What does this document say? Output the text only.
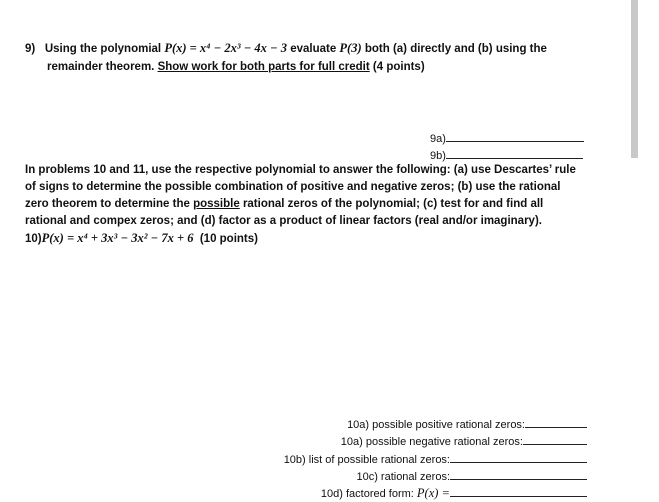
9) Using the polynomial P(x) = x⁴ − 2x³ − 4x − 3 evaluate P(3) both (a) directly and (b) using the
remainder theorem. Show work for both parts for full credit (4 points)
9a)
9b)
In problems 10 and 11, use the respective polynomial to answer the following: (a) use Descartes’ rule
of signs to determine the possible combination of positive and negative zeros; (b) use the rational
zero theorem to determine the possible rational zeros of the polynomial; (c) test for and find all
rational and compex zeros; and (d) factor as a product of linear factors (real and/or imaginary).
10)P(x) = x⁴ + 3x³ − 3x² − 7x + 6 (10 points)
10a) possible positive rational zeros:
10a) possible negative rational zeros:
10b) list of possible rational zeros:
10c) rational zeros:
10d) factored form: P(x) =
